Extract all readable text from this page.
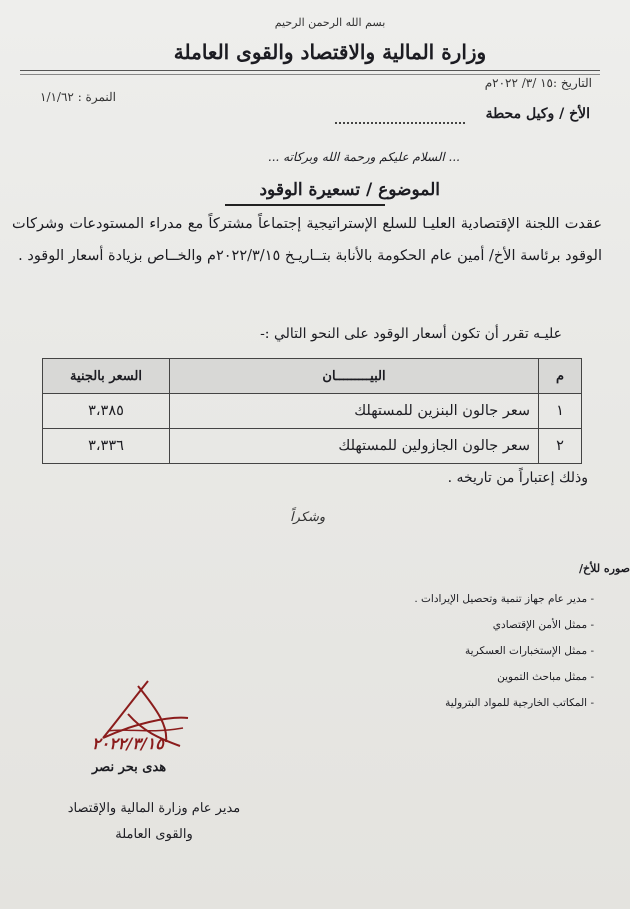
بسم الله الرحمن الرحيم
وزارة المالية والاقتصاد والقوى العاملة
التاريخ :١٥ /٣/ ٢٠٢٢م
النمرة : ١/١/٦٢
الأخ / وكيل محطة
... السلام عليكم ورحمة الله وبركاته ...
الموضوع / تسعيرة الوقود
عقدت اللجنة الإقتصادية العليـا للسلع الإستراتيجية إجتماعاً مشتركاً مع مدراء المستودعات وشركات الوقود برئاسة الأخ/ أمين عام الحكومة بالأنابة بتــاريـخ ٢٠٢٢/٣/١٥م والخــاص بزيادة أسعار الوقود .
عليـه تقرر أن تكون أسعار الوقود على النحو التالي :-
م	البيـــــــــان	السعر بالجنية
١	سعر جالون البنزين للمستهلك	٣،٣٨٥
٢	سعر جالون الجازولين للمستهلك	٣،٣٣٦
وذلك إعتباراً من تاريخه .
وشكراً
صوره للأخ/
- مدير عام جهاز تنمية وتحصيل الإيرادات .
- ممثل الأمن الإقتصادي
- ممثل الإستخبارات العسكرية
- ممثل مباحث التموين
- المكاتب الخارجية للمواد البترولية
٢٠٢٢/٣/١٥
هدى بحر نصر
مدير عام وزارة المالية والإقتصاد
والقوى العاملة
